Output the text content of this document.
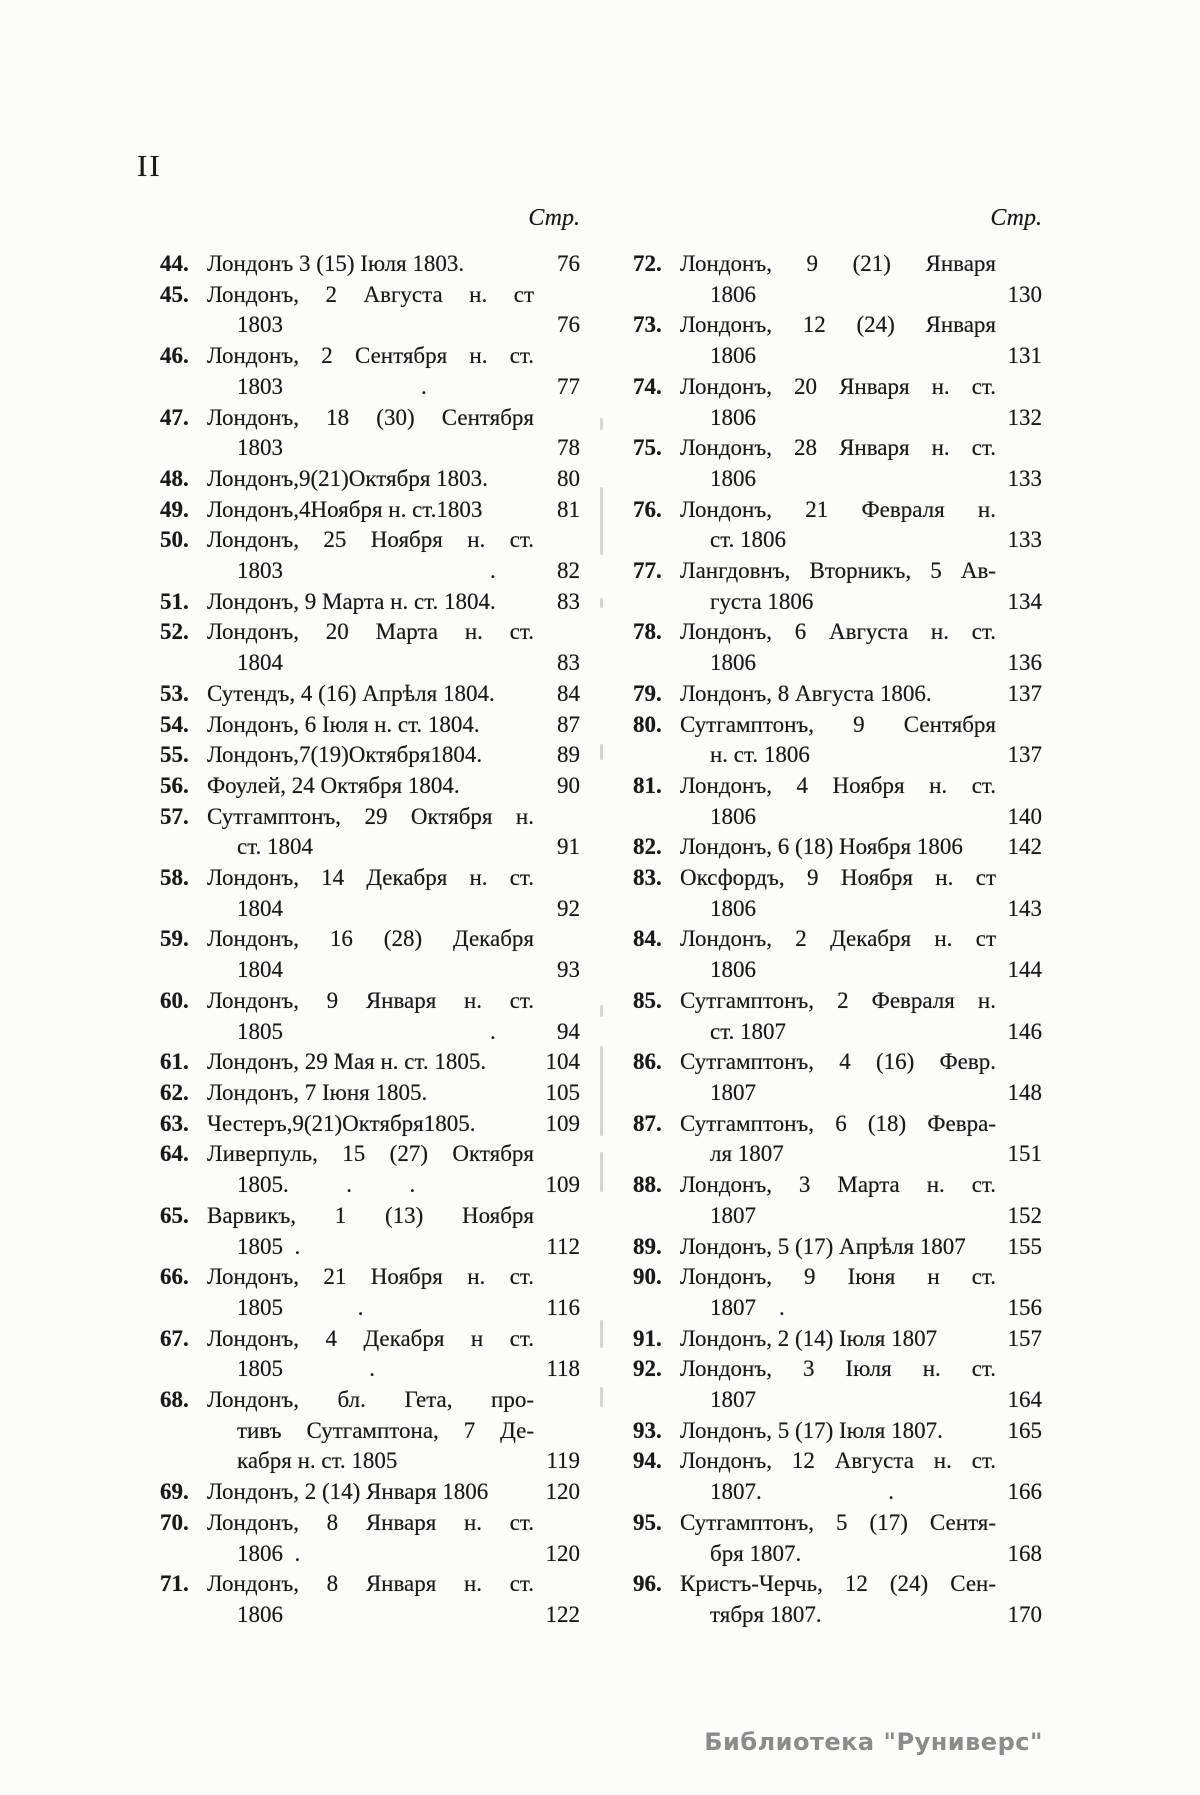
II
Стр.
44. Лондонъ 3 (15) Іюля 1803.	76
45. Лондонъ, 2 Августа н. ст
1803	76
46. Лондонъ, 2 Сентября н. ст.
1803                        .	77
47. Лондонъ, 18 (30) Сентября
1803	78
48. Лондонъ,9(21)Октября 1803.	80
49. Лондонъ,4Ноября н. ст.1803	81
50. Лондонъ, 25 Ноября н. ст.
1803                                    .	82
51. Лондонъ, 9 Марта н. ст. 1804.	83
52. Лондонъ, 20 Марта н. ст.
1804	83
53. Сутендъ, 4 (16) Апрѣля 1804.	84
54. Лондонъ, 6 Іюля н. ст. 1804.	87
55. Лондонъ,7(19)Октября1804.	89
56. Фоулей, 24 Октября 1804.	90
57. Сутгамптонъ, 29 Октября н.
ст. 1804	91
58. Лондонъ, 14 Декабря н. ст.
1804	92
59. Лондонъ, 16 (28) Декабря
1804	93
60. Лондонъ, 9 Января н. ст.
1805                                    .	94
61. Лондонъ, 29 Мая н. ст. 1805.	104
62. Лондонъ, 7 Іюня 1805.	105
63. Честеръ,9(21)Октября1805.	109
64. Ливерпуль, 15 (27) Октября
1805.          .          .	109
65. Варвикъ, 1 (13) Ноября
1805  .	112
66. Лондонъ, 21 Ноября н. ст.
1805             .	116
67. Лондонъ, 4 Декабря н ст.
1805               .	118
68. Лондонъ, бл. Гета, про-
тивъ Сутгамптона, 7 Де-
кабря н. ст. 1805	119
69. Лондонъ, 2 (14) Января 1806	120
70. Лондонъ, 8 Января н. ст.
1806  .	120
71. Лондонъ, 8 Января н. ст.
1806	122
Стр.
72. Лондонъ, 9 (21) Января
1806	130
73. Лондонъ, 12 (24) Января
1806	131
74. Лондонъ, 20 Января н. ст.
1806	132
75. Лондонъ, 28 Января н. ст.
1806	133
76. Лондонъ, 21 Февраля н.
ст. 1806	133
77. Лангдовнъ, Вторникъ, 5 Ав-
густа 1806	134
78. Лондонъ, 6 Августа н. ст.
1806	136
79. Лондонъ, 8 Августа 1806.	137
80. Сутгамптонъ, 9 Сентября
н. ст. 1806	137
81. Лондонъ, 4 Ноября н. ст.
1806	140
82. Лондонъ, 6 (18) Ноября 1806	142
83. Оксфордъ, 9 Ноября н. ст
1806	143
84. Лондонъ, 2 Декабря н. ст
1806	144
85. Сутгамптонъ, 2 Февраля н.
ст. 1807	146
86. Сутгамптонъ, 4 (16) Февр.
1807	148
87. Сутгамптонъ, 6 (18) Февра-
ля 1807	151
88. Лондонъ, 3 Марта н. ст.
1807	152
89. Лондонъ, 5 (17) Апрѣля 1807	155
90. Лондонъ, 9 Іюня н ст.
1807    .	156
91. Лондонъ, 2 (14) Іюля 1807	157
92. Лондонъ, 3 Іюля н. ст.
1807	164
93. Лондонъ, 5 (17) Іюля 1807.	165
94. Лондонъ, 12 Августа н. ст.
1807.                      .	166
95. Сутгамптонъ, 5 (17) Сентя-
бря 1807.	168
96. Кристъ-Черчь, 12 (24) Сен-
тября 1807.	170
Библиотека "Руниверс"
